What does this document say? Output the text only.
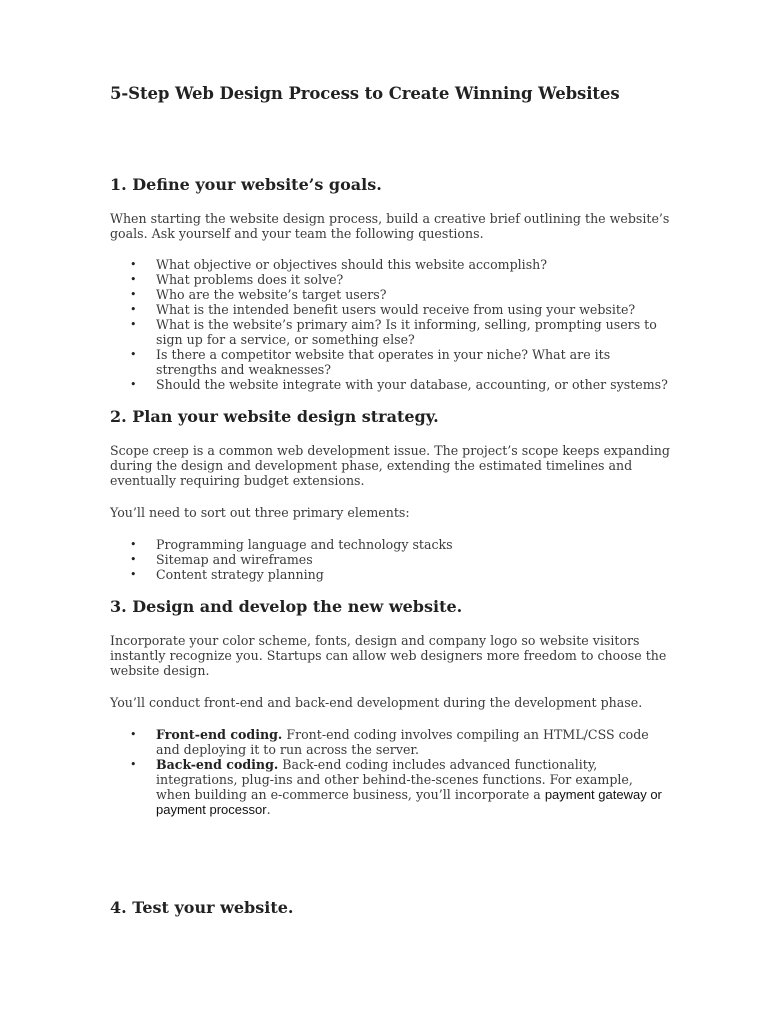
5-Step Web Design Process to Create Winning Websites
1. Define your website’s goals.

When starting the website design process, build a creative brief outlining the website’s goals. Ask yourself and your team the following questions.

• What objective or objectives should this website accomplish?
• What problems does it solve?
• Who are the website’s target users?
• What is the intended benefit users would receive from using your website?
• What is the website’s primary aim? Is it informing, selling, prompting users to sign up for a service, or something else?
• Is there a competitor website that operates in your niche? What are its strengths and weaknesses?
• Should the website integrate with your database, accounting, or other systems?
2. Plan your website design strategy.

Scope creep is a common web development issue. The project’s scope keeps expanding during the design and development phase, extending the estimated timelines and eventually requiring budget extensions.

You’ll need to sort out three primary elements:

• Programming language and technology stacks
• Sitemap and wireframes
• Content strategy planning
3. Design and develop the new website.

Incorporate your color scheme, fonts, design and company logo so website visitors instantly recognize you. Startups can allow web designers more freedom to choose the website design.

You’ll conduct front-end and back-end development during the development phase.

• Front-end coding. Front-end coding involves compiling an HTML/CSS code and deploying it to run across the server.
• Back-end coding. Back-end coding includes advanced functionality, integrations, plug-ins and other behind-the-scenes functions. For example, when building an e-commerce business, you’ll incorporate a payment gateway or payment processor.
4. Test your website.
